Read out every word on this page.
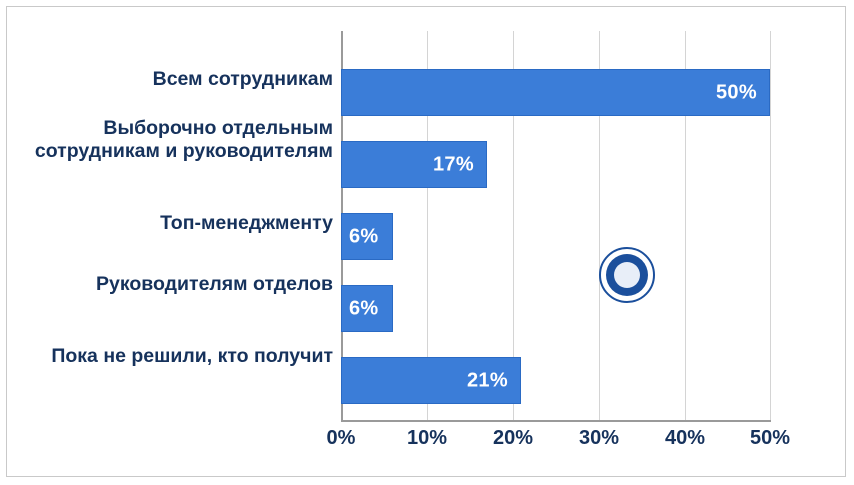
50%
17%
6%
6%
21%
Всем сотрудникам
Выборочно отдельным сотрудникам и руководителям
Топ-менеджменту
Руководителям отделов
Пока не решили, кто получит
0%	10%	20%	30%	40%	50%
